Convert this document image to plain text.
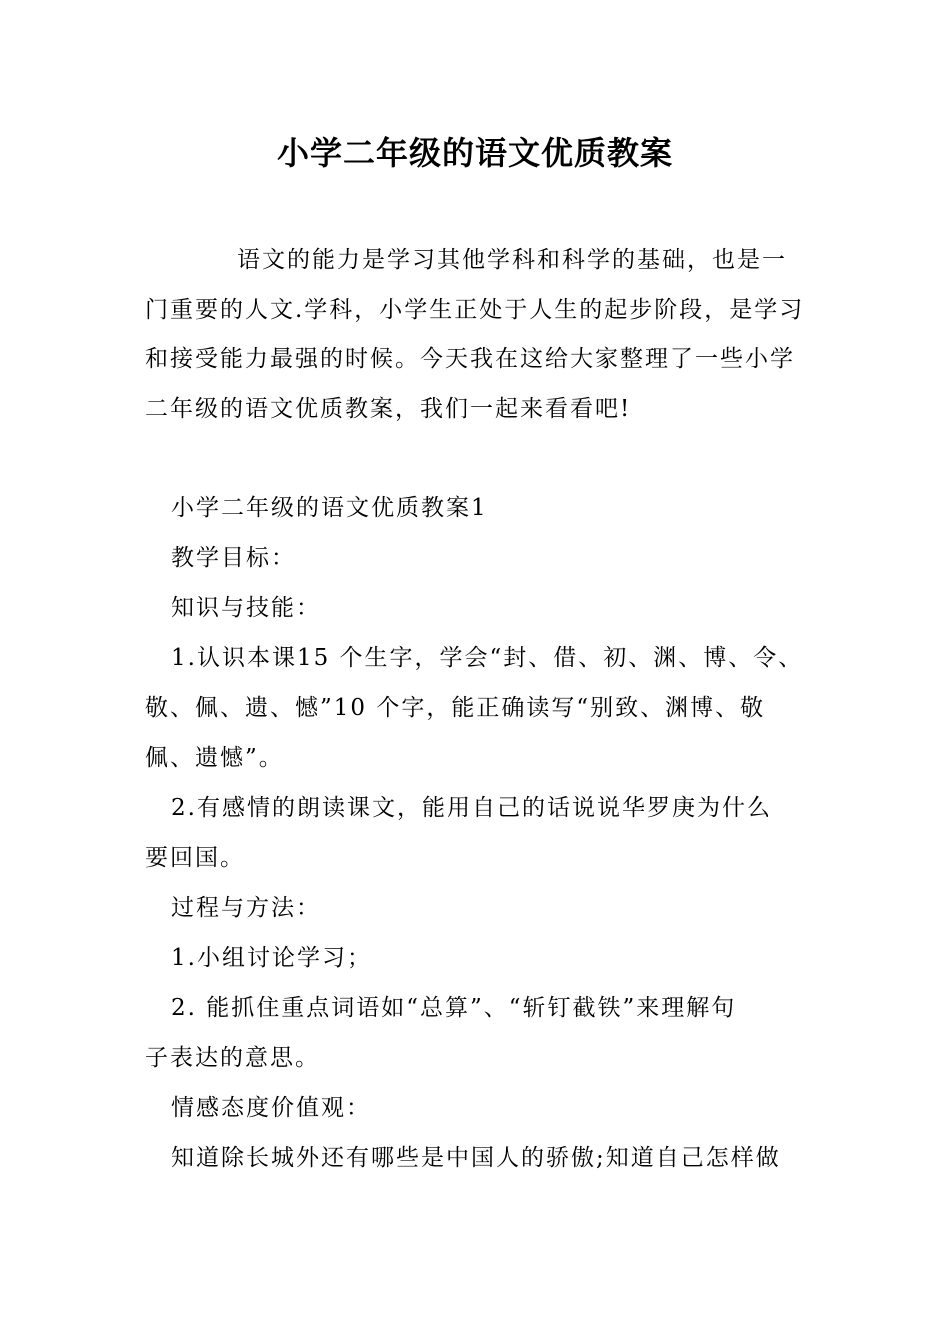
小学二年级的语文优质教案
语文的能力是学习其他学科和科学的基础，也是一门重要的人文.学科，小学生正处于人生的起步阶段，是学习和接受能力最强的时候。今天我在这给大家整理了一些小学二年级的语文优质教案，我们一起来看看吧!
小学二年级的语文优质教案1
教学目标：
知识与技能：
1.认识本课15 个生字，学会“封、借、初、渊、博、令、
敬、佩、遗、憾”10 个字，能正确读写“别致、渊博、敬
佩、遗憾”。
2.有感情的朗读课文，能用自己的话说说华罗庚为什么
要回国。
过程与方法：
1.小组讨论学习；
2. 能抓住重点词语如“总算”、“斩钉截铁”来理解句
子表达的意思。
情感态度价值观：
知道除长城外还有哪些是中国人的骄傲;知道自己怎样做
